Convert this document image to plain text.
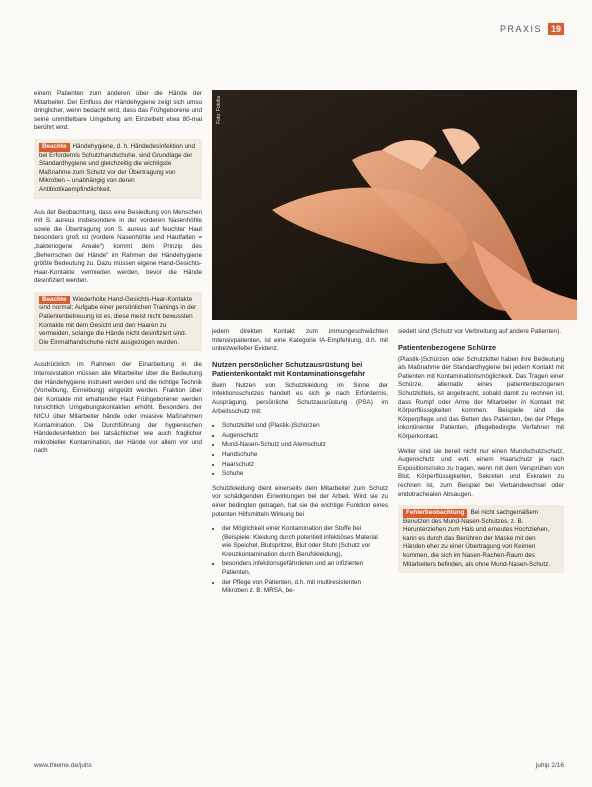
PRAXIS	19
Foto: Fotolia

einem Patienten zum anderen über die Hände der Mitarbeiter. Der Einfluss der Händehygiene zeigt sich umso dringlicher, wenn bedacht wird, dass das Frühgeborene und seine unmittelbare Umgebung am Einzelbett etwa 80-mal berührt wird.

Beachte Händehygiene, d. h. Händedesinfektion und bei Erfordernis Schutzhandschuhe, sind Grundlage der Standardhygiene und gleichzeitig die wichtigste Maßnahme zum Schutz vor der Übertragung von Mikroben – unabhängig von deren Antibiotikaempfindlichkeit.

Aus der Beobachtung, dass eine Besiedlung von Menschen mit S. aureus insbesondere in der vorderen Nasenhöhle sowie die Übertragung von S. aureus auf feuchter Haut besonders groß ist (vordere Nasenhöhle und Hautfalten = „bakteriogene Areale“) kommt dem Prinzip des „Beherrschen der Hände“ im Rahmen der Händehygiene größte Bedeutung zu. Dazu müssen eigene Hand-Gesichts-Haar-Kontakte vermieden werden, bevor die Hände desinfiziert werden.

Beachte Wiederholte Hand-Gesichts-Haar-Kontakte sind normal; Aufgabe einer persönlichen Trainings in der Patientenbetreuung ist es, diese meist nicht bewussten Kontakte mit dem Gesicht und den Haaren zu vermeiden, solange die Hände nicht desinfiziert sind. Die Einmalhandschuhe nicht ausgezogen wurden.

Ausdrücklich im Rahmen der Einarbeitung in die Intensivstation müssen alle Mitarbeiter über die Bedeutung der Händehygiene instruiert werden und die richtige Technik (Vorreibung, Einreibung) eingeübt werden. Fraktion über der Kontakte mit erhaltender Haut Frühgeborener werden hinsichtlich Umgebungskontakten erhöht. Besonders der NICU über Mitarbeiter hände oder invasive Maßnahmen Kontamination. Die Durchführung der hygienischen Händedesinfektion bei tatsächlicher wie auch fraglicher mikrobieller Kontamination, der Hände vor allem vor und nach

jedem direkten Kontakt zum immungeschwächten Intensivpatienten, ist eine Kategorie IA-Empfehlung, d.h. mit unbezweifelter Evidenz.

Nutzen persönlicher Schutzausrüstung bei Patientenkontakt mit Kontaminationsgefahr

Beim Nutzen von Schutzkleidung im Sinne der Infektionsschutzes handelt es sich je nach Erfordernis, Ausprägung, persönliche Schutzausrüstung (PSA) im Arbeitsschutz mit:

• Schutzkittel und (Plastik-)Schürzen
• Augenschutz
• Mund-Nasen-Schutz und Atemschutz
• Handschuhe
• Haarschutz
• Schuhe

Schutzkleidung dient einerseits dem Mitarbeiter zum Schutz vor schädigenden Einwirkungen bei der Arbeit. Wird sie zu einer bedingten getragen, hat sie die wichtige Funktion eines potenten Hilfsmitteln Wirkung bei

• der Möglichkeit einer Kontamination der Stoffe bei (Beispiele: Kleidung durch potentiell infektiöses Material wie Speichel, Blutspritzer, Blut oder Stuhl (Schutz vor Kreuzkontamination durch Berufskleidung),
• besonders infektionsgefährdeten und an infizierten Patienten,
• der Pflege von Patienten, d.h. mit multiresistenten Mikroben z. B. MRSA, be-

siedelt sind (Schutz vor Verbreitung auf andere Patienten).

Patientenbezogene Schürze

(Plastik-)Schürzen oder Schutzkittel haben ihre Bedeutung als Maßnahme der Standardhygiene bei jedem Kontakt mit Patienten mit Kontaminationsmöglichkeit. Das Tragen einer Schürze, alternativ eines patientenbezogenen Schutzkittels, ist angebracht, sobald damit zu rechnen ist, dass Rumpf oder Arme der Mitarbeiter in Kontakt mit Körperflüssigkeiten kommen: Beispiele sind die Körperpflege und das Betten des Patienten, bei der Pflege inkontinenter Patienten, pflegebedingte Verfahren mit Körperkontakt.

Weiter sind sie bereit nicht nur einen Mundschutzschutz, Augenschutz und evtl. einem Haarschutz je nach Expositionsrisiko zu tragen, wenn mit dem Versprühen von Blut, Körperflüssigkeiten, Sekreten und Exkreten zu rechnen ist, zum Beispiel bei Verbandwechsel oder endotrachealen Absaugen.

Fehlerbeobachtung Bei nicht sachgemäßem Benutzen des Mund-Nasen-Schutzes, z. B. Herunterziehen zum Hals und erneutes Hochziehen, kann es durch das Berühren der Maske mit den Händen eher zu einer Übertragung von Keimen kommen, die sich im Nasen-Rachen-Raum des Mitarbeiters befinden, als ohne Mund-Nasen-Schutz.
www.thieme.de/juhs	juhip 2/16
